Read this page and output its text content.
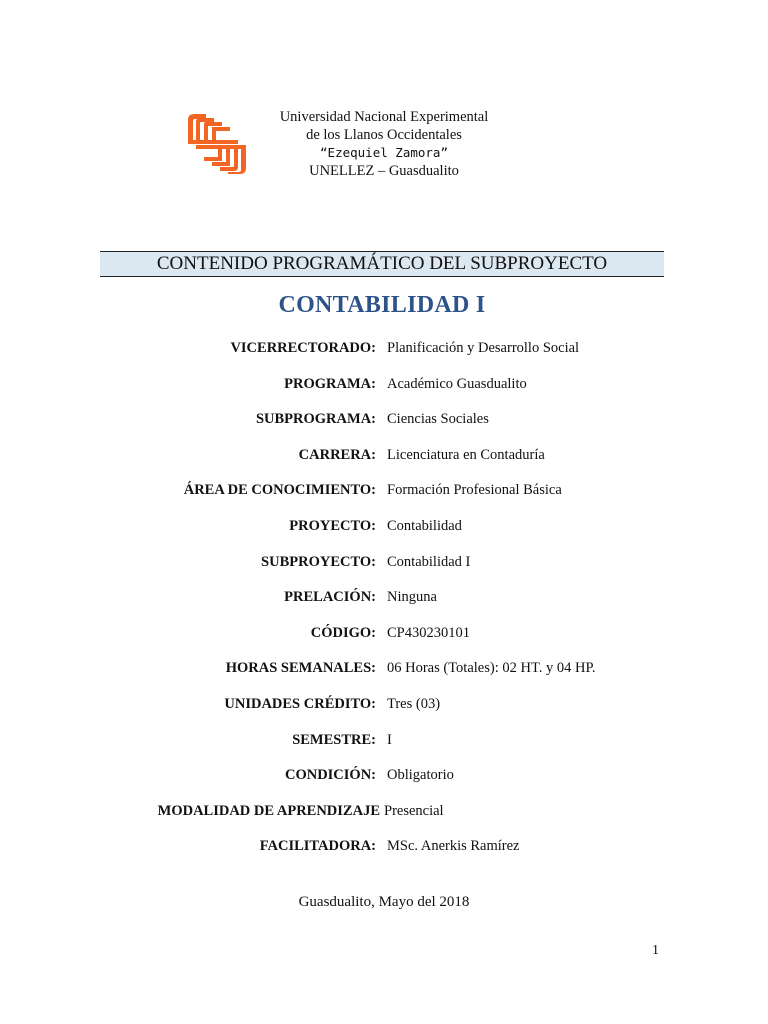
Universidad Nacional Experimental
de los Llanos Occidentales
“Ezequiel Zamora”
UNELLEZ – Guasdualito
CONTENIDO PROGRAMÁTICO DEL SUBPROYECTO
CONTABILIDAD I
VICERRECTORADO: Planificación y Desarrollo Social
PROGRAMA: Académico Guasdualito
SUBPROGRAMA: Ciencias Sociales
CARRERA: Licenciatura en Contaduría
ÁREA DE CONOCIMIENTO: Formación Profesional Básica
PROYECTO: Contabilidad
SUBPROYECTO: Contabilidad I
PRELACIÓN: Ninguna
CÓDIGO: CP430230101
HORAS SEMANALES: 06 Horas (Totales): 02 HT. y 04 HP.
UNIDADES CRÉDITO: Tres (03)
SEMESTRE: I
CONDICIÓN: Obligatorio
MODALIDAD DE APRENDIZAJE Presencial
FACILITADORA: MSc. Anerkis Ramírez
Guasdualito, Mayo del 2018
1
